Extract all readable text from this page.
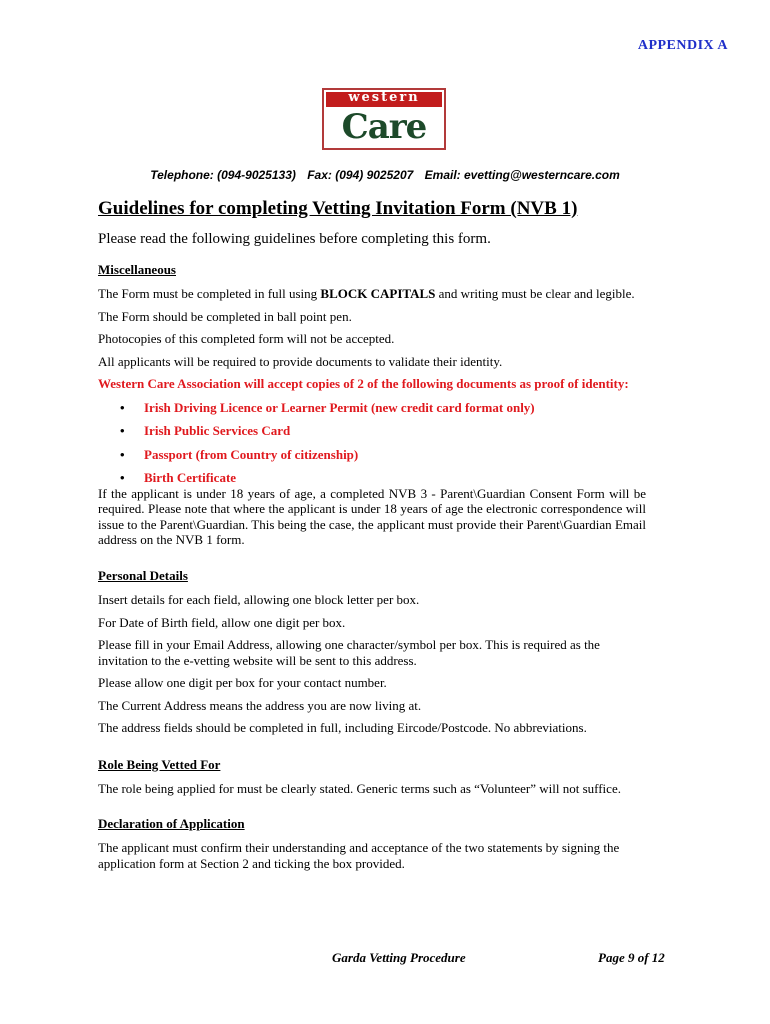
APPENDIX A
western
Care
Telephone: (094-9025133) Fax: (094) 9025207 Email: evetting@westerncare.com
Guidelines for completing Vetting Invitation Form (NVB 1)
Please read the following guidelines before completing this form.
Miscellaneous

The Form must be completed in full using BLOCK CAPITALS and writing must be clear and legible.

The Form should be completed in ball point pen.

Photocopies of this completed form will not be accepted.

All applicants will be required to provide documents to validate their identity.

Western Care Association will accept copies of 2 of the following documents as proof of identity:
• Irish Driving Licence or Learner Permit (new credit card format only)
• Irish Public Services Card
• Passport (from Country of citizenship)
• Birth Certificate
If the applicant is under 18 years of age, a completed NVB 3 - Parent\Guardian Consent Form will be required. Please note that where the applicant is under 18 years of age the electronic correspondence will issue to the Parent\Guardian. This being the case, the applicant must provide their Parent\Guardian Email address on the NVB 1 form.
Personal Details

Insert details for each field, allowing one block letter per box.

For Date of Birth field, allow one digit per box.

Please fill in your Email Address, allowing one character/symbol per box. This is required as the invitation to the e-vetting website will be sent to this address.

Please allow one digit per box for your contact number.

The Current Address means the address you are now living at.

The address fields should be completed in full, including Eircode/Postcode. No abbreviations.

Role Being Vetted For

The role being applied for must be clearly stated. Generic terms such as “Volunteer” will not suffice.

Declaration of Application

The applicant must confirm their understanding and acceptance of the two statements by signing the application form at Section 2 and ticking the box provided.

Garda Vetting Procedure	Page 9 of 12
